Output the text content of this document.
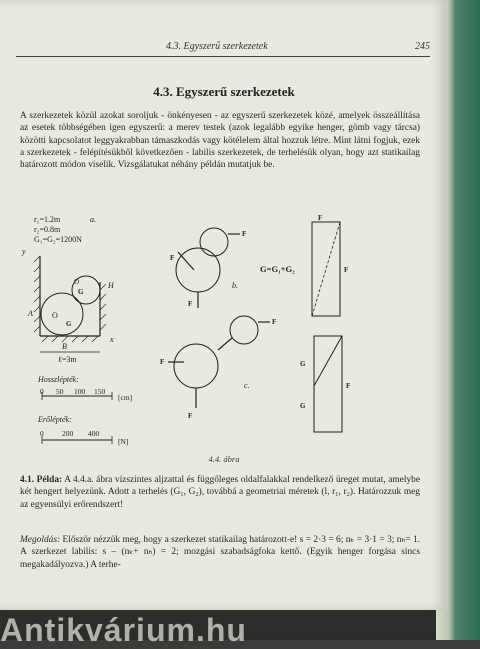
4.3. Egyszerű szerkezetek	245
4.3. Egyszerű szerkezetek
A szerkezetek közül azokat soroljuk - önkényesen - az egyszerű szerkezetek közé, amelyek összeállítása az esetek többségében igen egyszerű: a merev testek (azok legalább egyike henger, gömb vagy tárcsa) közötti kapcsolatot leggyakrabban támaszkodás vagy kötélelem által hozzuk létre. Mint látni fogjuk, ezek a szerkezetek - felépítésükből következően - labilis szerkezetek, de terhelésük olyan, hogy azt statikailag határozott módon viselik. Vizsgálatukat néhány példán mutatjuk be.
r₁=1.2m
r₂=0.8m
G₁=G₂=1200N
a.
O
O
G
G
A
H
y
x
ℓ=3m
B
Hosszlépték:
0 50 100 150
[cm]
Erőlépték:
0 200 400
[N]
F
F
F
b.
F
F
F
c.
G=G₁+G₂
F
F
G
G
F
4.4. ábra
4.1. Példa: A 4.4.a. ábra vízszintes aljzattal és függőleges oldalfalakkal rendelkező üreget mutat, amelybe két hengert helyezünk. Adott a terhelés (G₁, G₂), továbbá a geometriai méretek (l, r₁, r₂). Határozzuk meg az egyensúlyi erőrendszert!
Megoldás: Először nézzük meg, hogy a szerkezet statikailag határozott-e! s = 2·3 = 6; nₖ = 3·1 = 3; nₕ= 1. A szerkezet labilis: s – (nₖ+ nₕ) = 2; mozgási szabadságfoka kettő. (Egyik henger forgása sincs megakadályozva.) A terhe-
Antikvárium.hu
